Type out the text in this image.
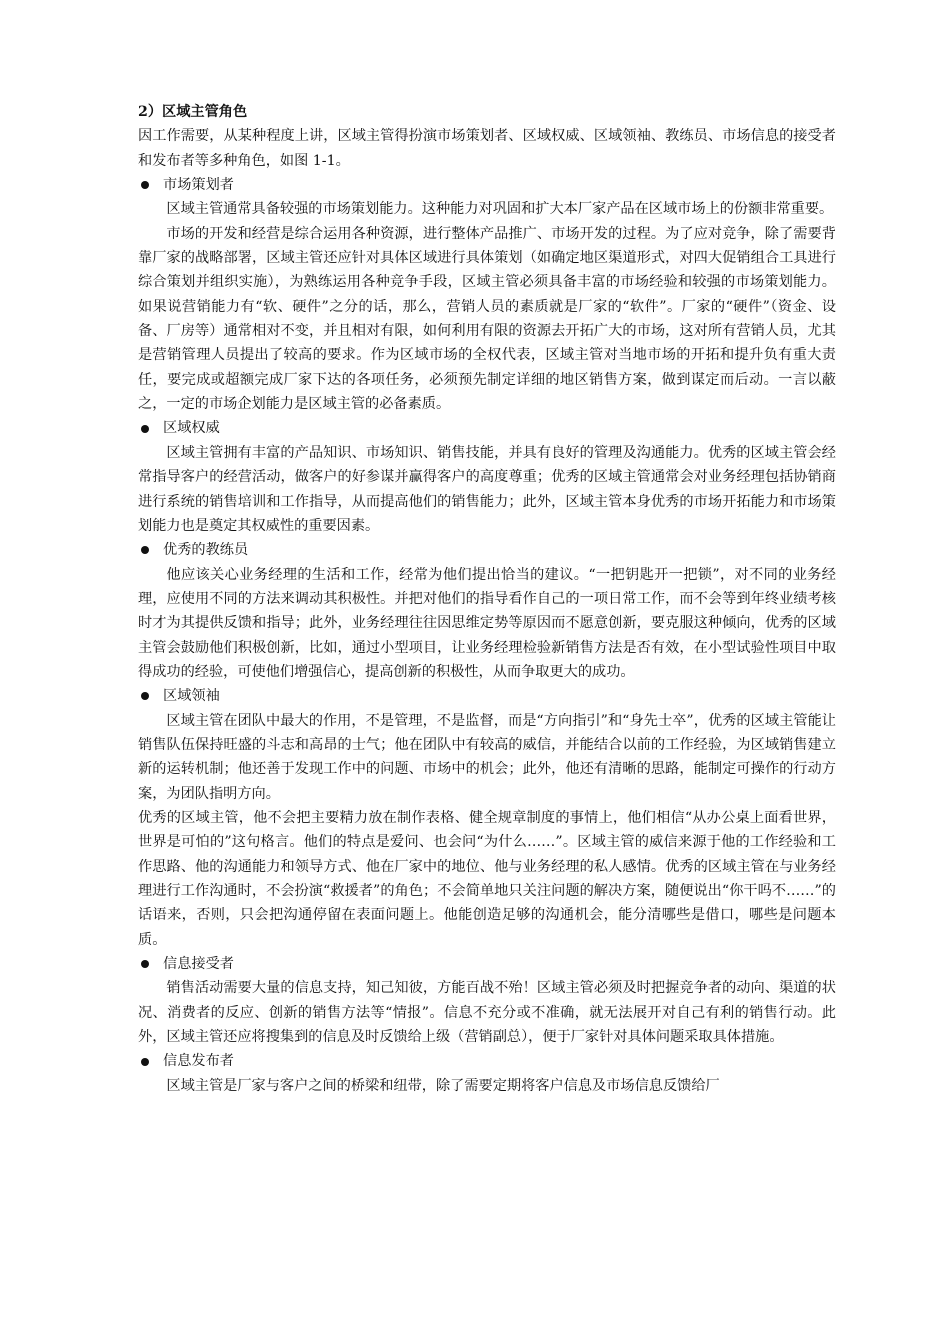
2）区域主管角色

因工作需要，从某种程度上讲，区域主管得扮演市场策划者、区域权威、区域领袖、教练员、市场信息的接受者和发布者等多种角色，如图 1-1。

市场策划者

区域主管通常具备较强的市场策划能力。这种能力对巩固和扩大本厂家产品在区域市场上的份额非常重要。

市场的开发和经营是综合运用各种资源，进行整体产品推广、市场开发的过程。为了应对竞争，除了需要背靠厂家的战略部署，区域主管还应针对具体区域进行具体策划（如确定地区渠道形式，对四大促销组合工具进行综合策划并组织实施），为熟练运用各种竞争手段，区域主管必须具备丰富的市场经验和较强的市场策划能力。如果说营销能力有“软、硬件”之分的话，那么，营销人员的素质就是厂家的“软件”。厂家的“硬件”（资金、设备、厂房等）通常相对不变，并且相对有限，如何利用有限的资源去开拓广大的市场，这对所有营销人员，尤其是营销管理人员提出了较高的要求。作为区域市场的全权代表，区域主管对当地市场的开拓和提升负有重大责任，要完成或超额完成厂家下达的各项任务，必须预先制定详细的地区销售方案，做到谋定而后动。一言以蔽之，一定的市场企划能力是区域主管的必备素质。

区域权威

区域主管拥有丰富的产品知识、市场知识、销售技能，并具有良好的管理及沟通能力。优秀的区域主管会经常指导客户的经营活动，做客户的好参谋并赢得客户的高度尊重；优秀的区域主管通常会对业务经理包括协销商进行系统的销售培训和工作指导，从而提高他们的销售能力；此外，区域主管本身优秀的市场开拓能力和市场策划能力也是奠定其权威性的重要因素。

优秀的教练员

他应该关心业务经理的生活和工作，经常为他们提出恰当的建议。“一把钥匙开一把锁”，对不同的业务经理，应使用不同的方法来调动其积极性。并把对他们的指导看作自己的一项日常工作，而不会等到年终业绩考核时才为其提供反馈和指导；此外，业务经理往往因思维定势等原因而不愿意创新，要克服这种倾向，优秀的区域主管会鼓励他们积极创新，比如，通过小型项目，让业务经理检验新销售方法是否有效，在小型试验性项目中取得成功的经验，可使他们增强信心，提高创新的积极性，从而争取更大的成功。

区域领袖

区域主管在团队中最大的作用，不是管理，不是监督，而是“方向指引”和“身先士卒”，优秀的区域主管能让销售队伍保持旺盛的斗志和高昂的士气；他在团队中有较高的威信，并能结合以前的工作经验，为区域销售建立新的运转机制；他还善于发现工作中的问题、市场中的机会；此外，他还有清晰的思路，能制定可操作的行动方案，为团队指明方向。

优秀的区域主管，他不会把主要精力放在制作表格、健全规章制度的事情上，他们相信“从办公桌上面看世界，世界是可怕的”这句格言。他们的特点是爱问、也会问“为什么……”。区域主管的威信来源于他的工作经验和工作思路、他的沟通能力和领导方式、他在厂家中的地位、他与业务经理的私人感情。优秀的区域主管在与业务经理进行工作沟通时，不会扮演“救援者”的角色；不会简单地只关注问题的解决方案，随便说出“你干吗不……”的话语来，否则，只会把沟通停留在表面问题上。他能创造足够的沟通机会，能分清哪些是借口，哪些是问题本质。

信息接受者

销售活动需要大量的信息支持，知己知彼，方能百战不殆！区域主管必须及时把握竞争者的动向、渠道的状况、消费者的反应、创新的销售方法等“情报”。信息不充分或不准确，就无法展开对自己有利的销售行动。此外，区域主管还应将搜集到的信息及时反馈给上级（营销副总），便于厂家针对具体问题采取具体措施。

信息发布者

区域主管是厂家与客户之间的桥梁和纽带，除了需要定期将客户信息及市场信息反馈给厂
